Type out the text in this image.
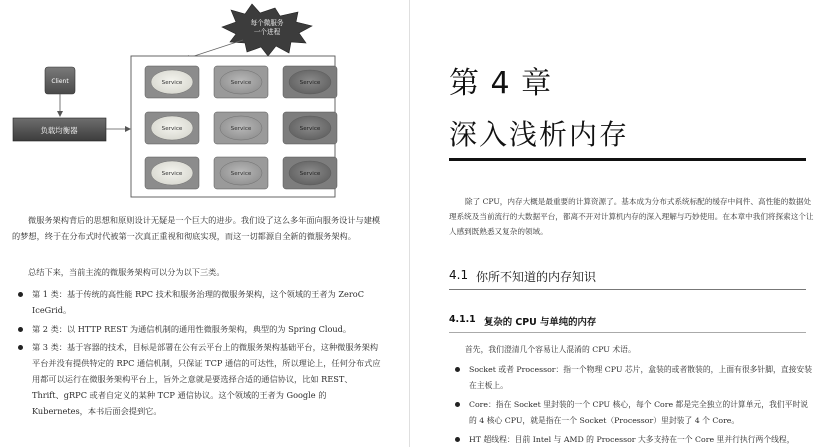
每个微服务
一个进程
Client
负载均衡器
Service	Service	Service
Service	Service	Service
Service	Service	Service

微服务架构背后的思想和原则设计无疑是一个巨大的进步。我们设了这么多年面向服务设计与建模的梦想，终于在分布式时代被第一次真正重视和彻底实现，而这一切都源自全新的微服务架构。

总结下来，当前主流的微服务架构可以分为以下三类。

第 1 类：基于传统的高性能 RPC 技术和服务治理的微服务架构，这个领域的王者为 ZeroC IceGrid。
第 2 类：以 HTTP REST 为通信机制的通用性微服务架构，典型的为 Spring Cloud。
第 3 类：基于容器的技术，目标是部署在公有云平台上的微服务架构基础平台，这种微服务架构平台并没有提供特定的 RPC 通信机制，只保证 TCP 通信的可达性，所以理论上，任何分布式应用都可以运行在微服务架构平台上，旨外之意就是要选择合适的通信协议，比如 REST、Thrift、gRPC 或者自定义的某种 TCP 通信协议。这个领域的王者为 Google 的 Kubernetes，本书后面会提到它。
第 4 章
深入浅析内存

除了 CPU，内存大概是最重要的计算资源了。基本成为分布式系统标配的缓存中间件、高性能的数据处理系统及当前流行的大数据平台，都离不开对计算机内存的深入理解与巧妙使用。在本章中我们将探索这个让人感到既熟悉又复杂的领域。

4.1 你所不知道的内存知识
4.1.1 复杂的 CPU 与单纯的内存

首先，我们澄清几个容易让人混淆的 CPU 术语。

Socket 或者 Processor：指一个物理 CPU 芯片，盒装的或者散装的，上面有很多针脚，直接安装在主板上。
Core：指在 Socket 里封装的一个 CPU 核心，每个 Core 都是完全独立的计算单元，我们平时说的 4 核心 CPU，就是指在一个 Socket（Processor）里封装了 4 个 Core。
HT 超线程：目前 Intel 与 AMD 的 Processor 大多支持在一个 Core 里并行执行两个线程，
